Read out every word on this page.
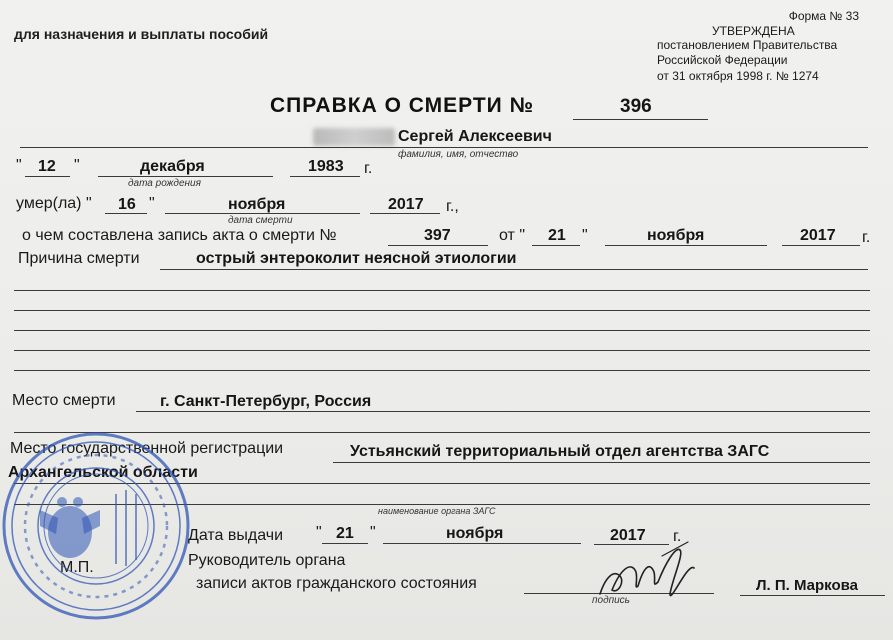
для назначения и выплаты пособий
Форма № 33
УТВЕРЖДЕНА
постановлением Правительства
Российской Федерации
от 31 октября 1998 г. № 1274
СПРАВКА О СМЕРТИ №	396
Сергей Алексеевич
фамилия, имя, отчество
" 12 "	декабря
дата рождения
1983 г.
умер(ла) " 16 "	ноября
дата смерти
2017 г.,
о чем составлена запись акта о смерти №	397	от " 21 "	ноября	2017 г.
Причина смерти	острый энтероколит неясной этиологии
Место смерти	г. Санкт-Петербург, Россия
Место государственной регистрации	Устьянский территориальный отдел агентства ЗАГС
Архангельской области
наименование органа ЗАГС
Дата выдачи " 21 "	ноября	2017 г.
Руководитель органа
М.П.
записи актов гражданского состояния
подпись
Л. П. Маркова
